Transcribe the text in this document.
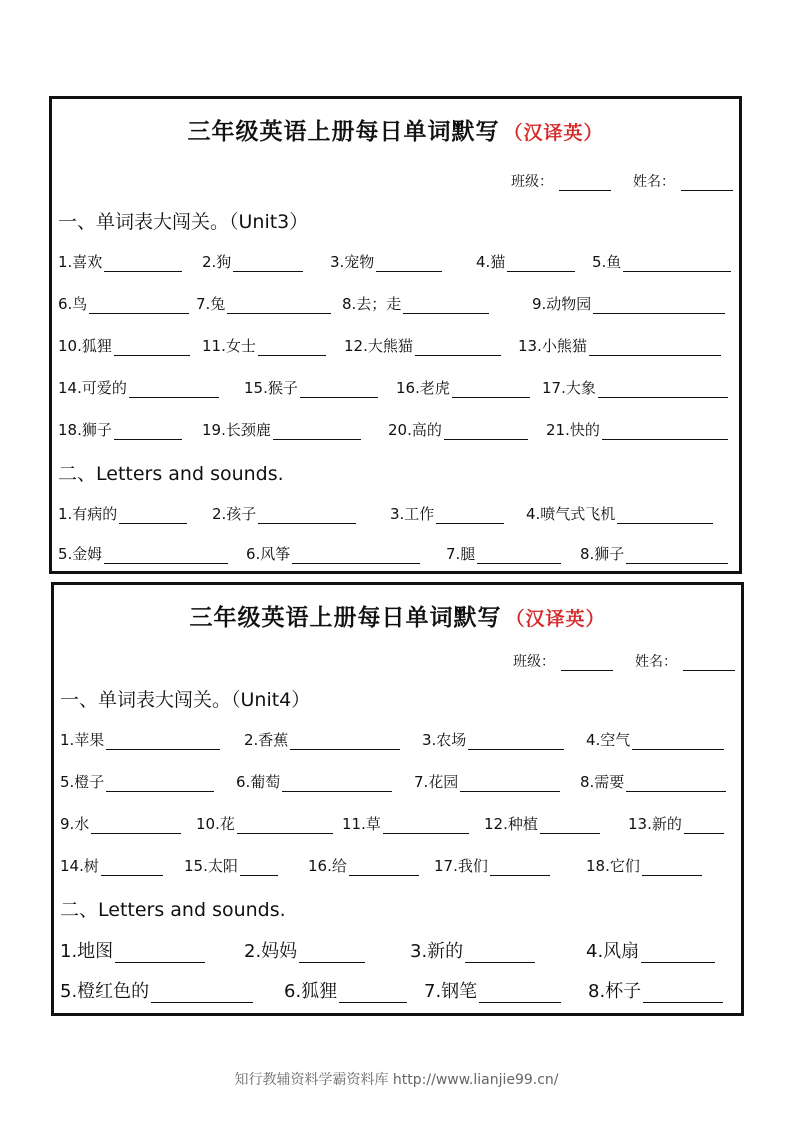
三年级英语上册每日单词默写 （汉译英）
班级：	姓名：
一、单词表大闯关。（Unit3）
1.喜欢	2.狗	3.宠物	4.猫	5.鱼
6.鸟	7.兔	8.去；走	9.动物园
10.狐狸	11.女士	12.大熊猫	13.小熊猫
14.可爱的	15.猴子	16.老虎	17.大象
18.狮子	19.长颈鹿	20.高的	21.快的
二、Letters and sounds.
1.有病的	2.孩子	3.工作	4.喷气式飞机
5.金姆	6.风筝	7.腿	8.狮子
三年级英语上册每日单词默写 （汉译英）
班级：	姓名：
一、单词表大闯关。（Unit4）
1.苹果	2.香蕉	3.农场	4.空气
5.橙子	6.葡萄	7.花园	8.需要
9.水	10.花	11.草	12.种植	13.新的
14.树	15.太阳	16.给	17.我们	18.它们
二、Letters and sounds.
1.地图	2.妈妈	3.新的	4.风扇
5.橙红色的	6.狐狸	7.钢笔	8.杯子
知行教辅资料学霸资料库 http://www.lianjie99.cn/
